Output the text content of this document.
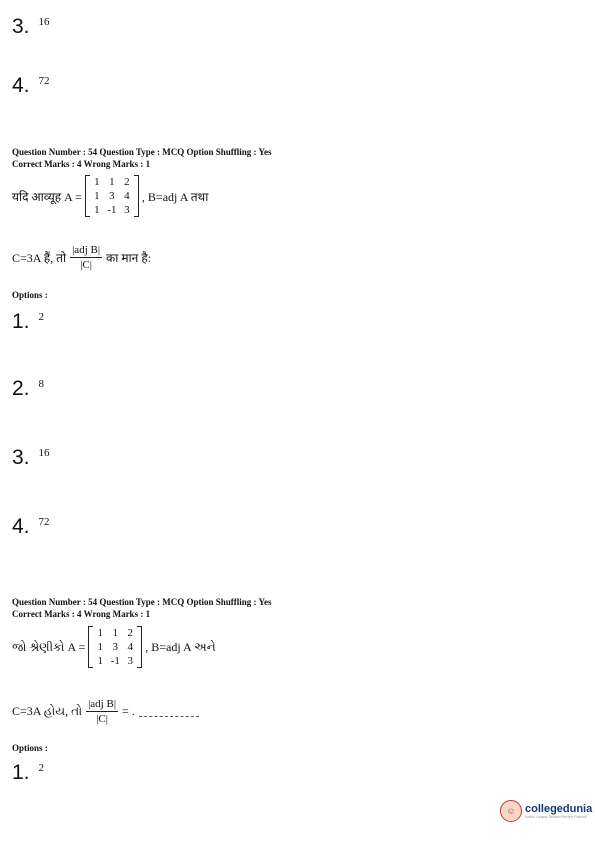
3. 16
4. 72
Question Number : 54 Question Type : MCQ Option Shuffling : Yes
Correct Marks : 4 Wrong Marks : 1
यदि आव्यूह A =
1 1 2
1 3 4
1 -1 3
, B=adj A तथा
C=3A हैं, तो $\frac{\text{|adj B|}}{|C|}$ का मान है:
Options :
1. 2
2. 8
3. 16
4. 72
Question Number : 54 Question Type : MCQ Option Shuffling : Yes
Correct Marks : 4 Wrong Marks : 1
જો શ્રેણીકો A =
1 1 2
1 3 4
1 -1 3
, B=adj A અને
C=3A હોય, તો $\frac{\text{|adj B|}}{|C|}$ = .
Options :
1. 2
☺ collegedunia
India's Largest Student Review Platform
